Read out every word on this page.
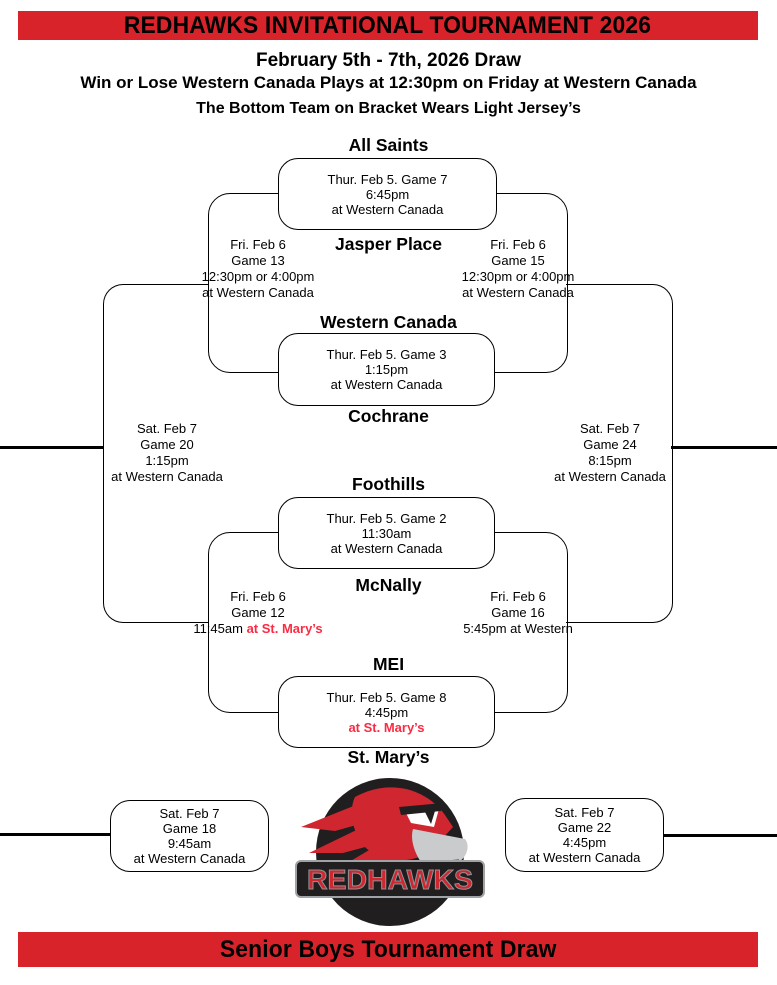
REDHAWKS INVITATIONAL TOURNAMENT 2026
February 5th - 7th, 2026 Draw
Win or Lose Western Canada Plays at 12:30pm on Friday at Western Canada
The Bottom Team on Bracket Wears Light Jersey’s
All Saints
Jasper Place
Western Canada
Cochrane
Foothills
McNally
MEI
St. Mary’s
Thur. Feb 5. Game 7
6:45pm
at Western Canada
Thur. Feb 5. Game 3
1:15pm
at Western Canada
Thur. Feb 5. Game 2
11:30am
at Western Canada
Thur. Feb 5. Game 8
4:45pm
at St. Mary’s
Sat. Feb 7
Game 18
9:45am
at Western Canada
Sat. Feb 7
Game 22
4:45pm
at Western Canada
Fri. Feb 6
Game 13
12:30pm or 4:00pm
at Western Canada
Fri. Feb 6
Game 15
12:30pm or 4:00pm
at Western Canada
Sat. Feb 7
Game 20
1:15pm
at Western Canada
Sat. Feb 7
Game 24
8:15pm
at Western Canada
Fri. Feb 6
Game 12
11:45am at St. Mary’s
Fri. Feb 6
Game 16
5:45pm at Western
REDHAWKS
Senior Boys Tournament Draw
